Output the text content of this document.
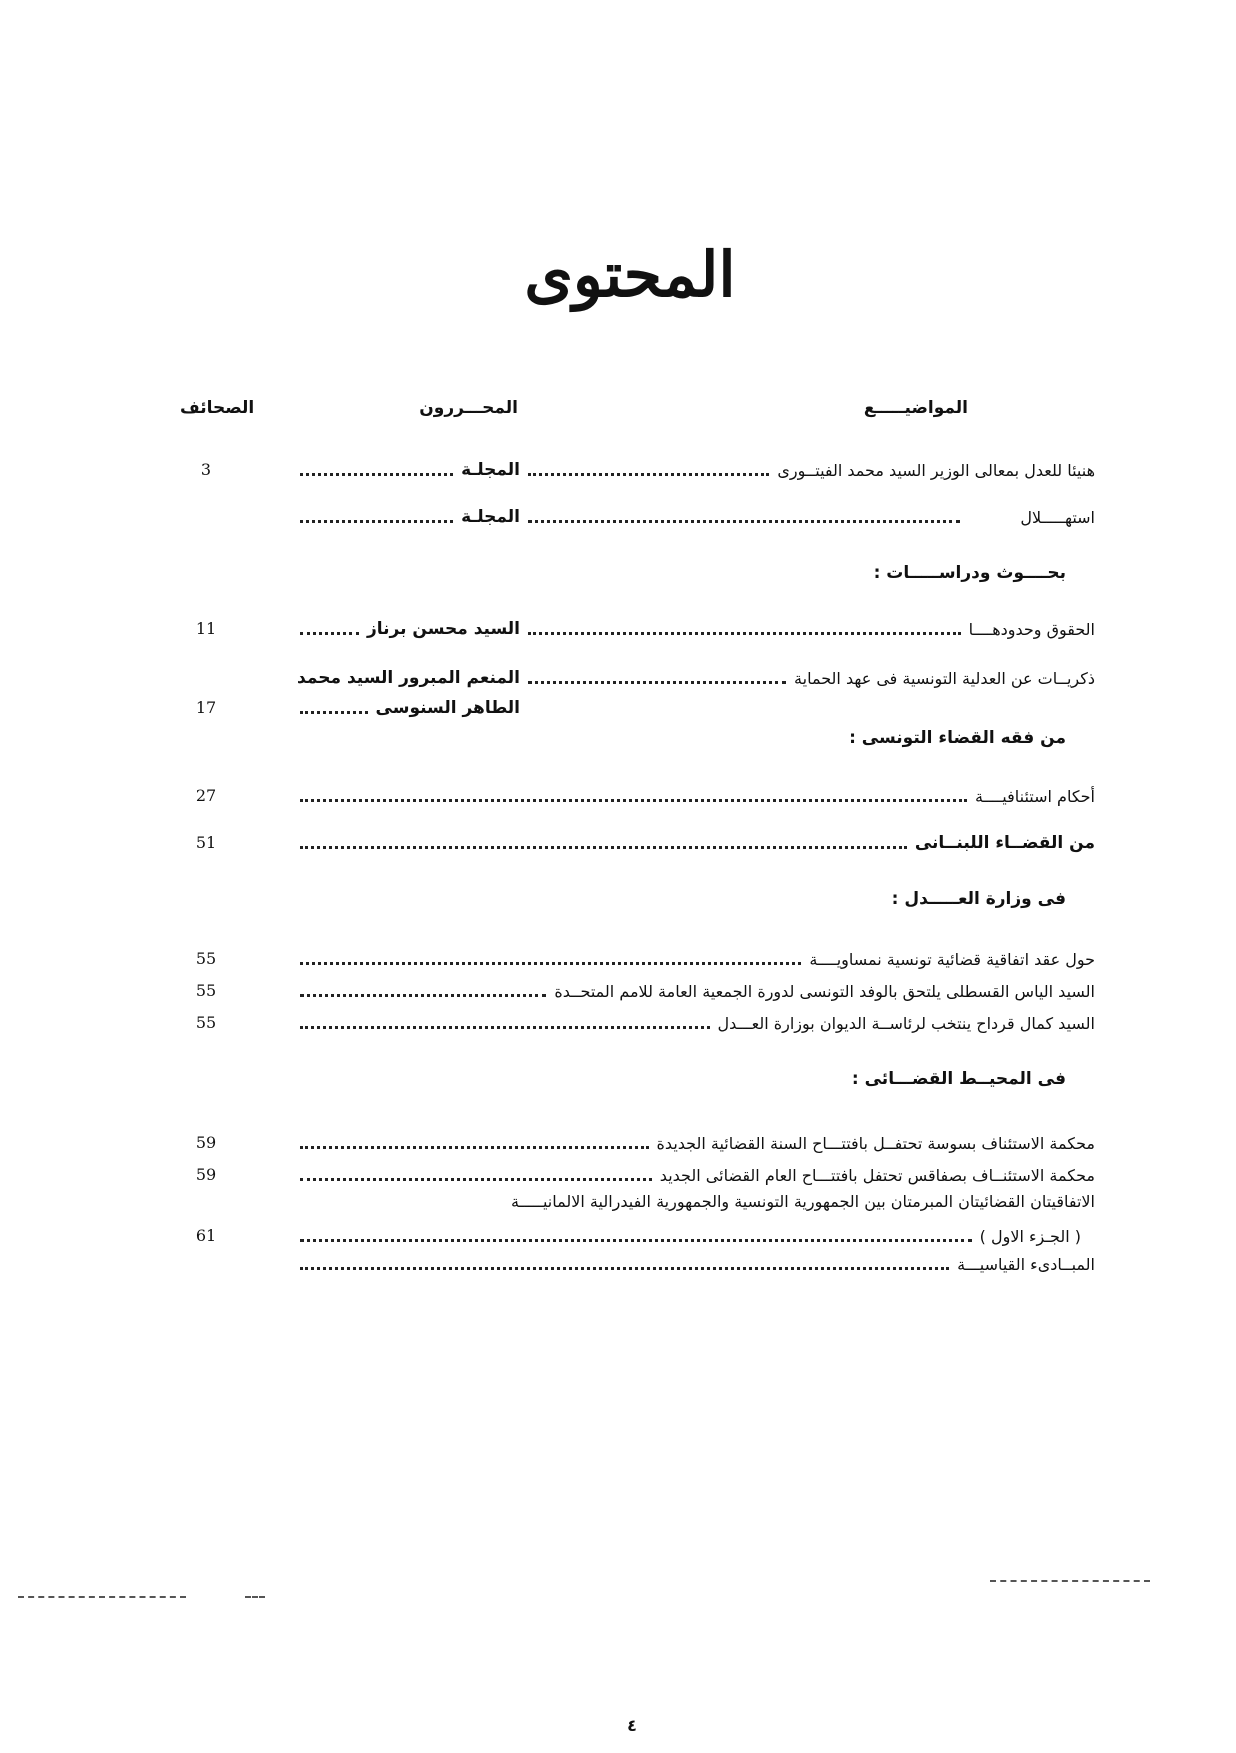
المحتوى
الصحائف	المحـــررون	المواضيـــــع
هنيئا للعدل بمعالى الوزير السيد محمد الفيتــورى
المجلـة
3
استهـــــلال
المجلـة
بحــــوث ودراســـــات :
الحقوق وحدودهــــا
السيد محسن برناز
11
ذكريــات عن العدلية التونسية فى عهد الحماية
المنعم المبرور السيد محمد
الطاهر السنوسى
17
من فقه القضاء التونسى :
أحكام استئنافيــــة
27
من القضــاء اللبنــانى
51
فى وزارة العـــــدل :
حول عقد اتفاقية قضائية تونسية نمساويــــة
55
السيد الياس القسطلى يلتحق بالوفد التونسى لدورة الجمعية العامة للامم المتحــدة
55
السيد كمال قرداح ينتخب لرئاســة الديوان بوزارة العـــدل
55
فى المحيــط القضـــائى :
محكمة الاستئناف بسوسة تحتفــل بافتتـــاح السنة القضائية الجديدة
59
محكمة الاستئنــاف بصفاقس تحتفل بافتتـــاح العام القضائى الجديد
59
الاتفاقيتان القضائيتان المبرمتان بين الجمهورية التونسية والجمهورية الفيدرالية الالمانيـــــة
( الجـزء الاول )
61
المبــادىء القياسيـــة
٤
